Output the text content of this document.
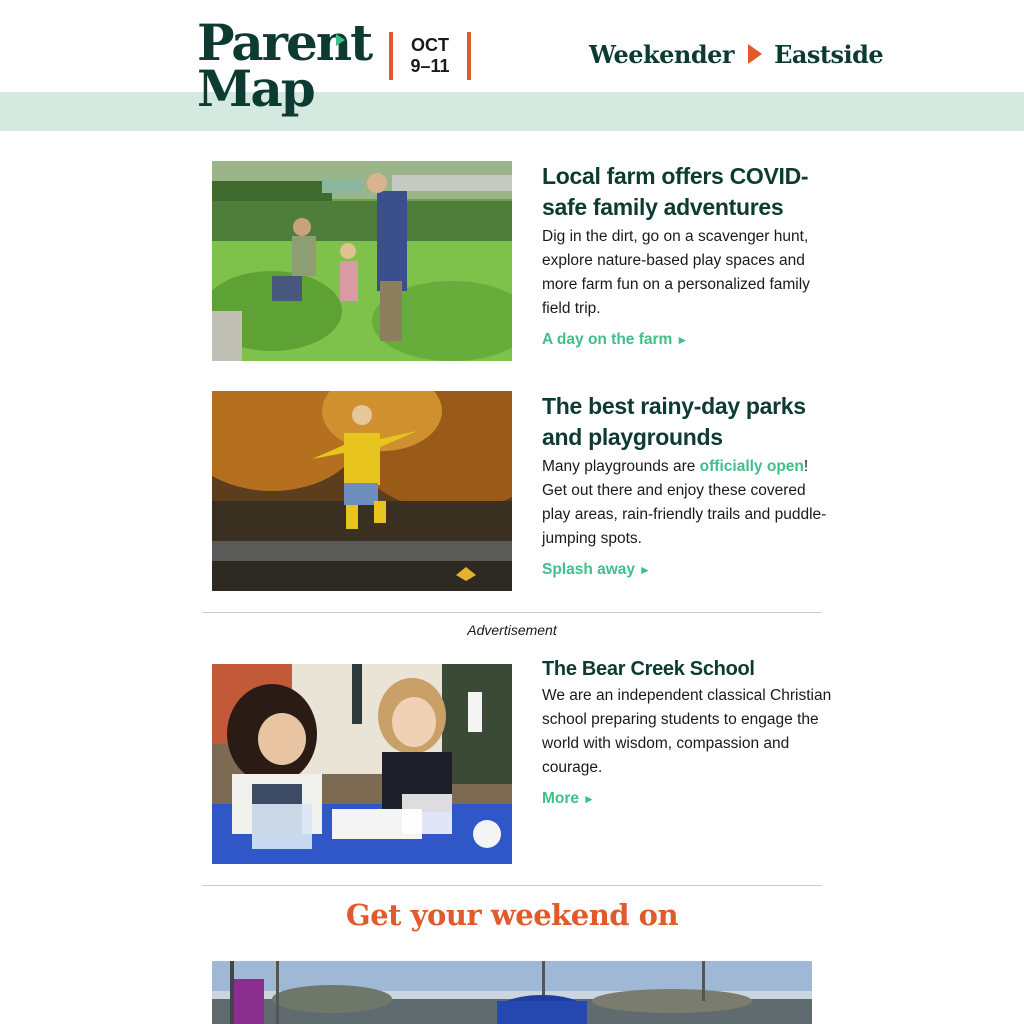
Parent
Map
OCT
9–11	Weekender Eastside
Local farm offers COVID-safe family adventures

Dig in the dirt, go on a scavenger hunt, explore nature-based play spaces and more farm fun on a personalized family field trip.

A day on the farm ►
The best rainy-day parks and playgrounds

Many playgrounds are officially open! Get out there and enjoy these covered play areas, rain-friendly trails and puddle-jumping spots.

Splash away ►
Advertisement
The Bear Creek School

We are an independent classical Christian school preparing students to engage the world with wisdom, compassion and courage.

More ►
Get your weekend on
